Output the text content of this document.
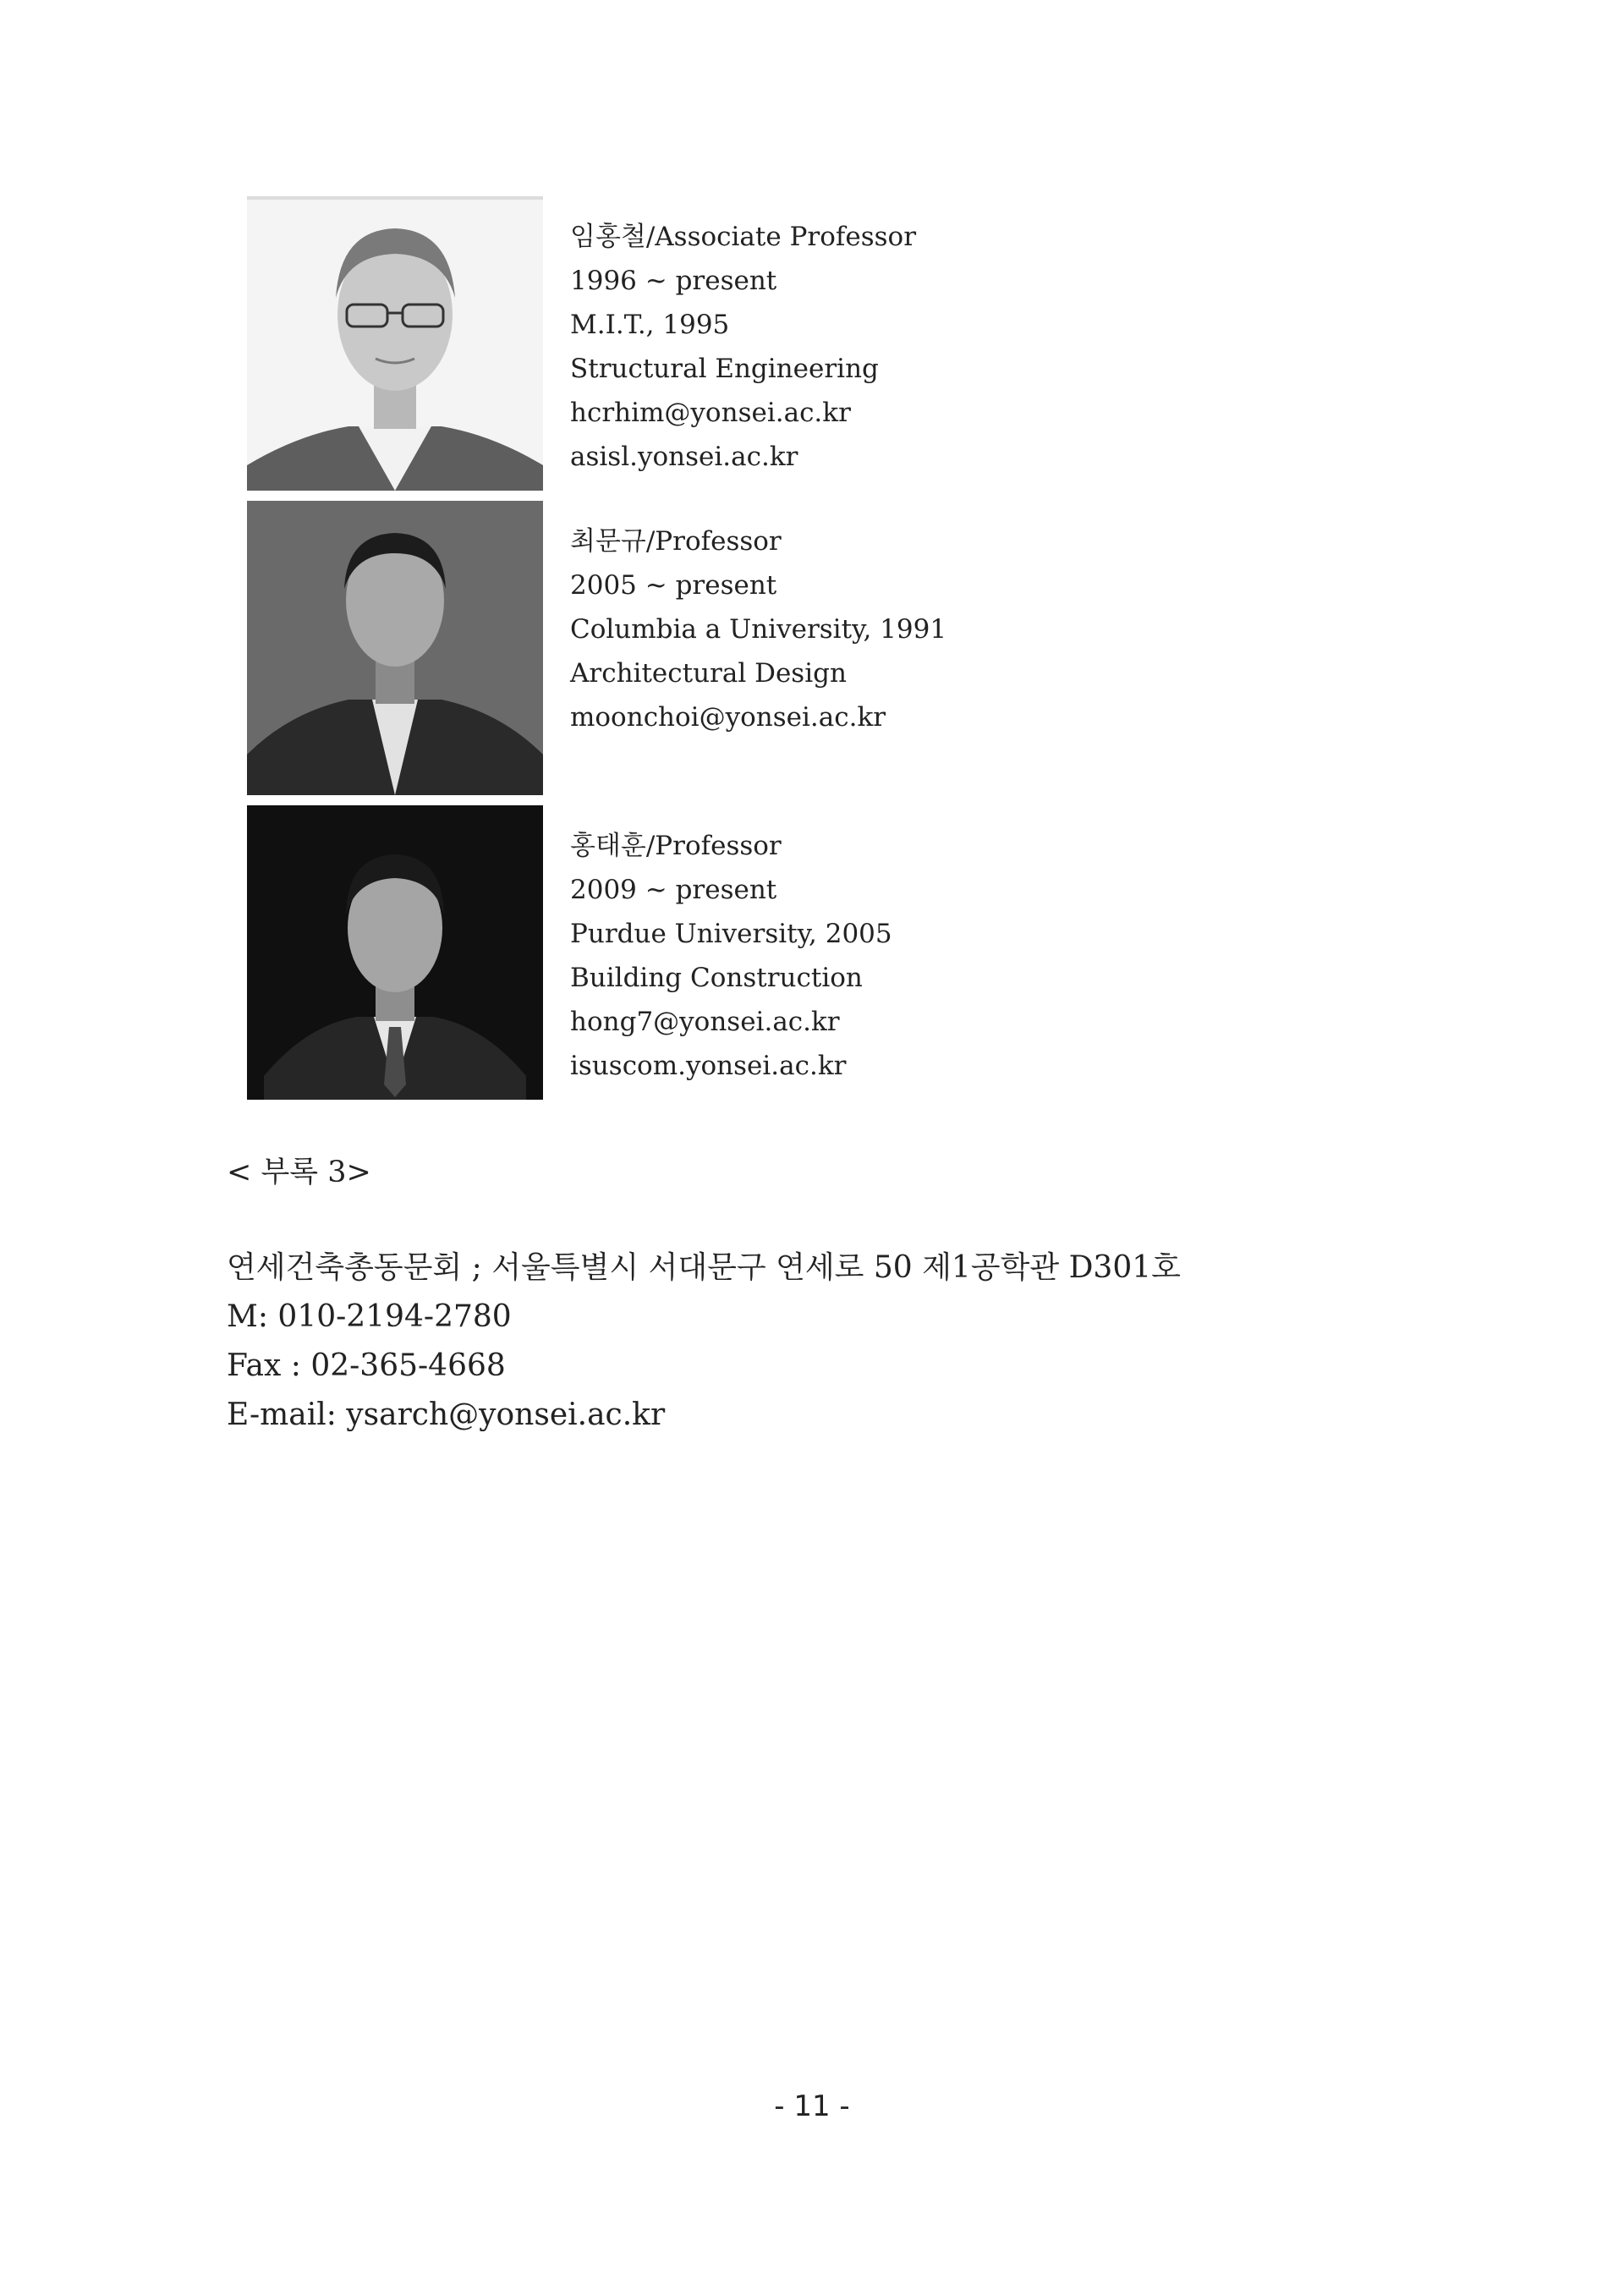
임홍철/Associate Professor
1996 ~ present
M.I.T., 1995
Structural Engineering
hcrhim@yonsei.ac.kr
asisl.yonsei.ac.kr
최문규/Professor
2005 ~ present
Columbia a University, 1991
Architectural Design
moonchoi@yonsei.ac.kr
홍태훈/Professor
2009 ~ present
Purdue University, 2005
Building Construction
hong7@yonsei.ac.kr
isuscom.yonsei.ac.kr
< 부록 3>
연세건축총동문회 ; 서울특별시 서대문구 연세로 50 제1공학관 D301호
M: 010-2194-2780
Fax : 02-365-4668
E-mail: ysarch@yonsei.ac.kr
- 11 -
